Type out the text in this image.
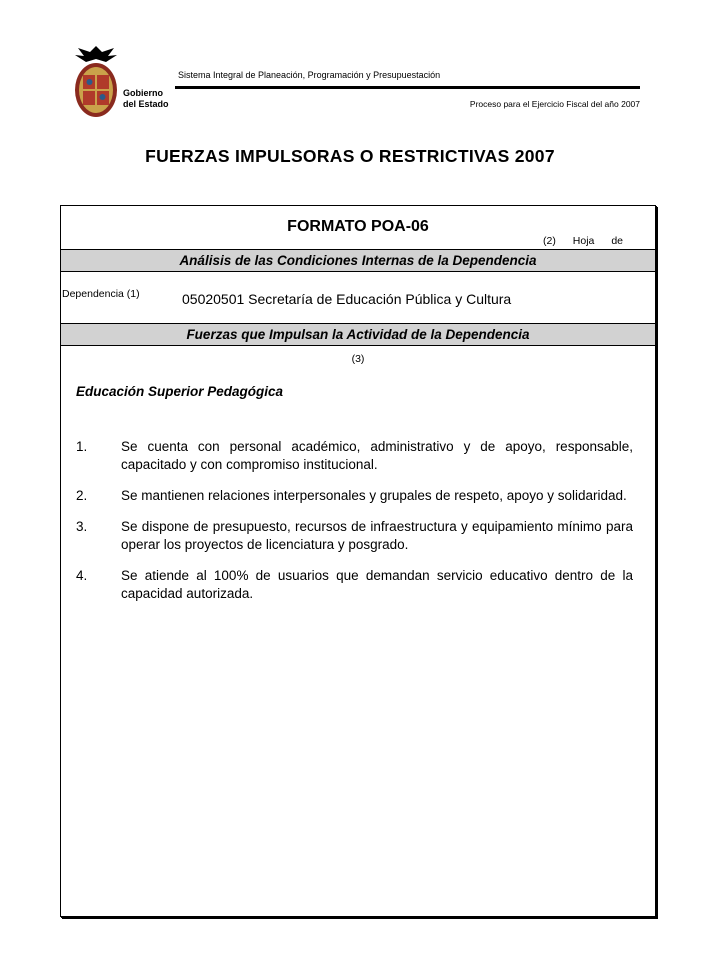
Gobierno
del Estado
Sistema Integral de Planeación, Programación y Presupuestación
Proceso para el Ejercicio Fiscal del año 2007
FUERZAS IMPULSORAS O RESTRICTIVAS 2007
FORMATO POA-06
(2) Hoja de
Análisis de las Condiciones Internas de la Dependencia
Dependencia (1)	05020501 Secretaría de Educación Pública y Cultura
Fuerzas que Impulsan la Actividad de la Dependencia
(3)
Educación Superior Pedagógica
1.	Se cuenta con personal académico, administrativo y de apoyo, responsable, capacitado y con compromiso institucional.
2.	Se mantienen relaciones interpersonales y grupales de respeto, apoyo y solidaridad.
3.	Se dispone de presupuesto, recursos de infraestructura y equipamiento mínimo para operar los proyectos de licenciatura y posgrado.
4.	Se atiende al 100% de usuarios que demandan servicio educativo dentro de la capacidad autorizada.
